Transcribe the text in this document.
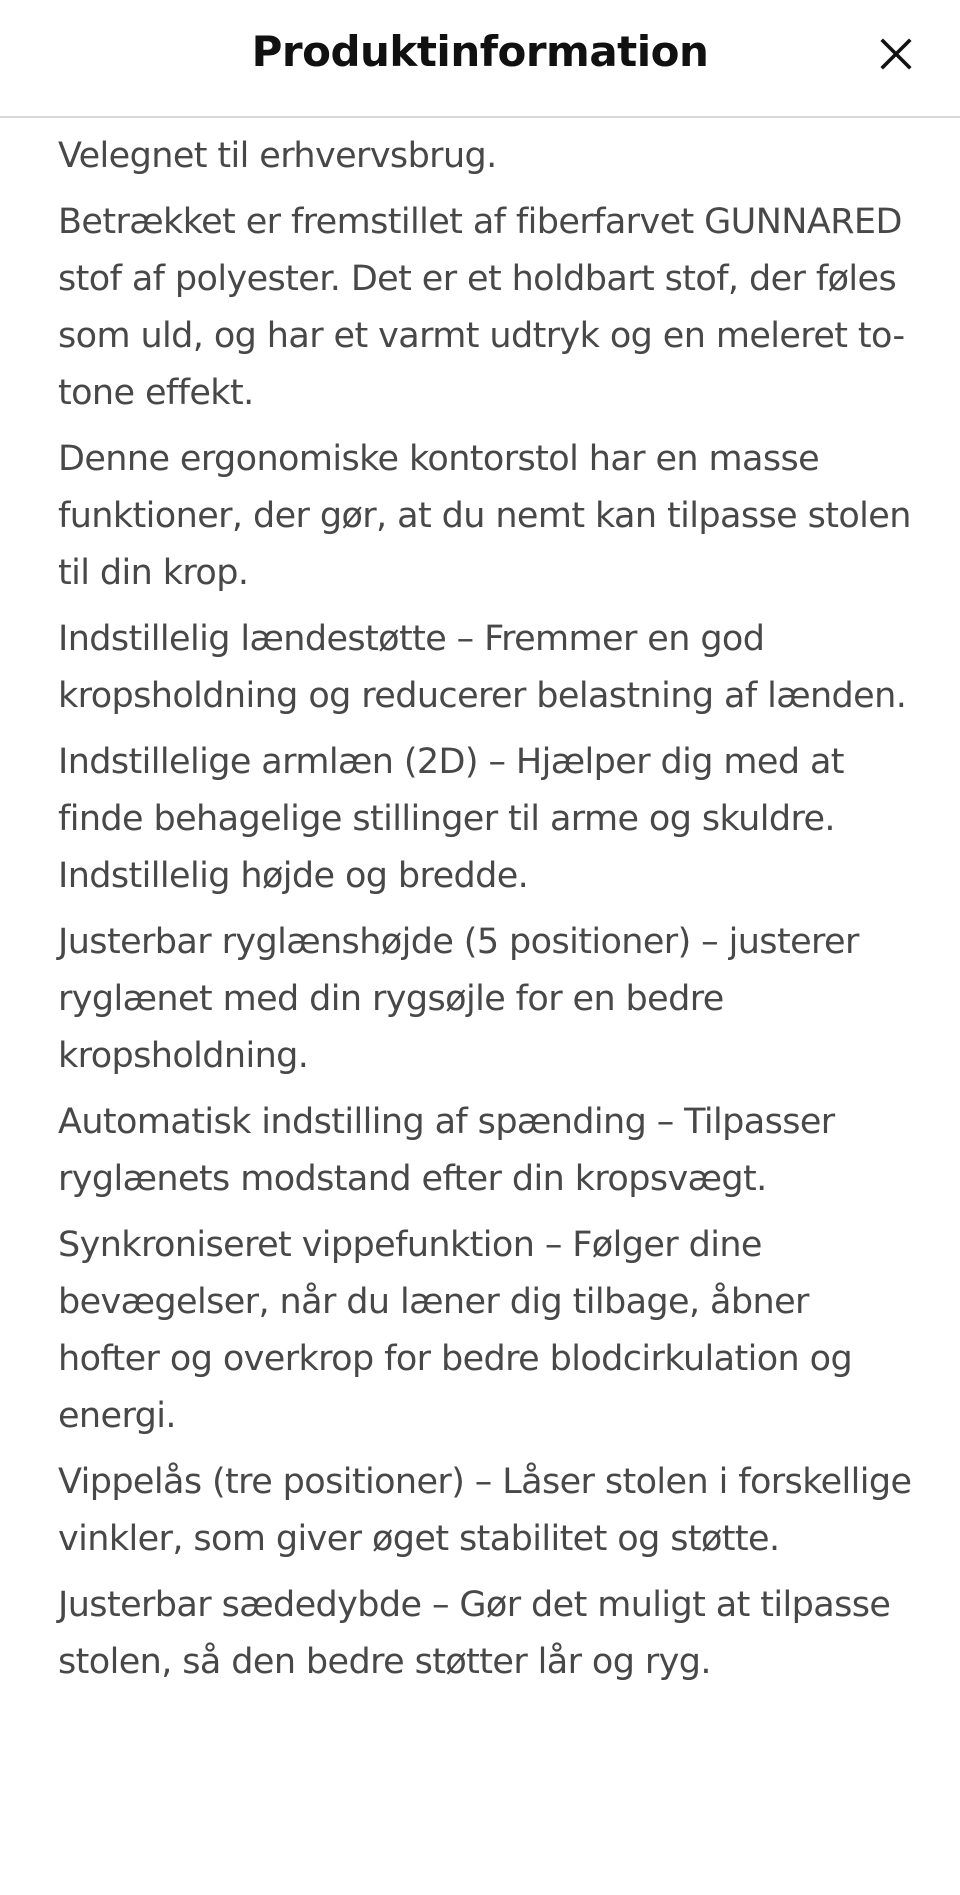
Produktinformation

Velegnet til erhvervsbrug.

Betrækket er fremstillet af fiberfarvet GUNNARED stof af polyester. Det er et holdbart stof, der føles som uld, og har et varmt udtryk og en meleret to-tone effekt.

Denne ergonomiske kontorstol har en masse funktioner, der gør, at du nemt kan tilpasse stolen til din krop.

Indstillelig lændestøtte – Fremmer en god kropsholdning og reducerer belastning af lænden.

Indstillelige armlæn (2D) – Hjælper dig med at finde behagelige stillinger til arme og skuldre. Indstillelig højde og bredde.

Justerbar ryglænshøjde (5 positioner) – justerer ryglænet med din rygsøjle for en bedre kropsholdning.

Automatisk indstilling af spænding – Tilpasser ryglænets modstand efter din kropsvægt.

Synkroniseret vippefunktion – Følger dine bevægelser, når du læner dig tilbage, åbner hofter og overkrop for bedre blodcirkulation og energi.

Vippelås (tre positioner) – Låser stolen i forskellige vinkler, som giver øget stabilitet og støtte.

Justerbar sædedybde – Gør det muligt at tilpasse stolen, så den bedre støtter lår og ryg.
